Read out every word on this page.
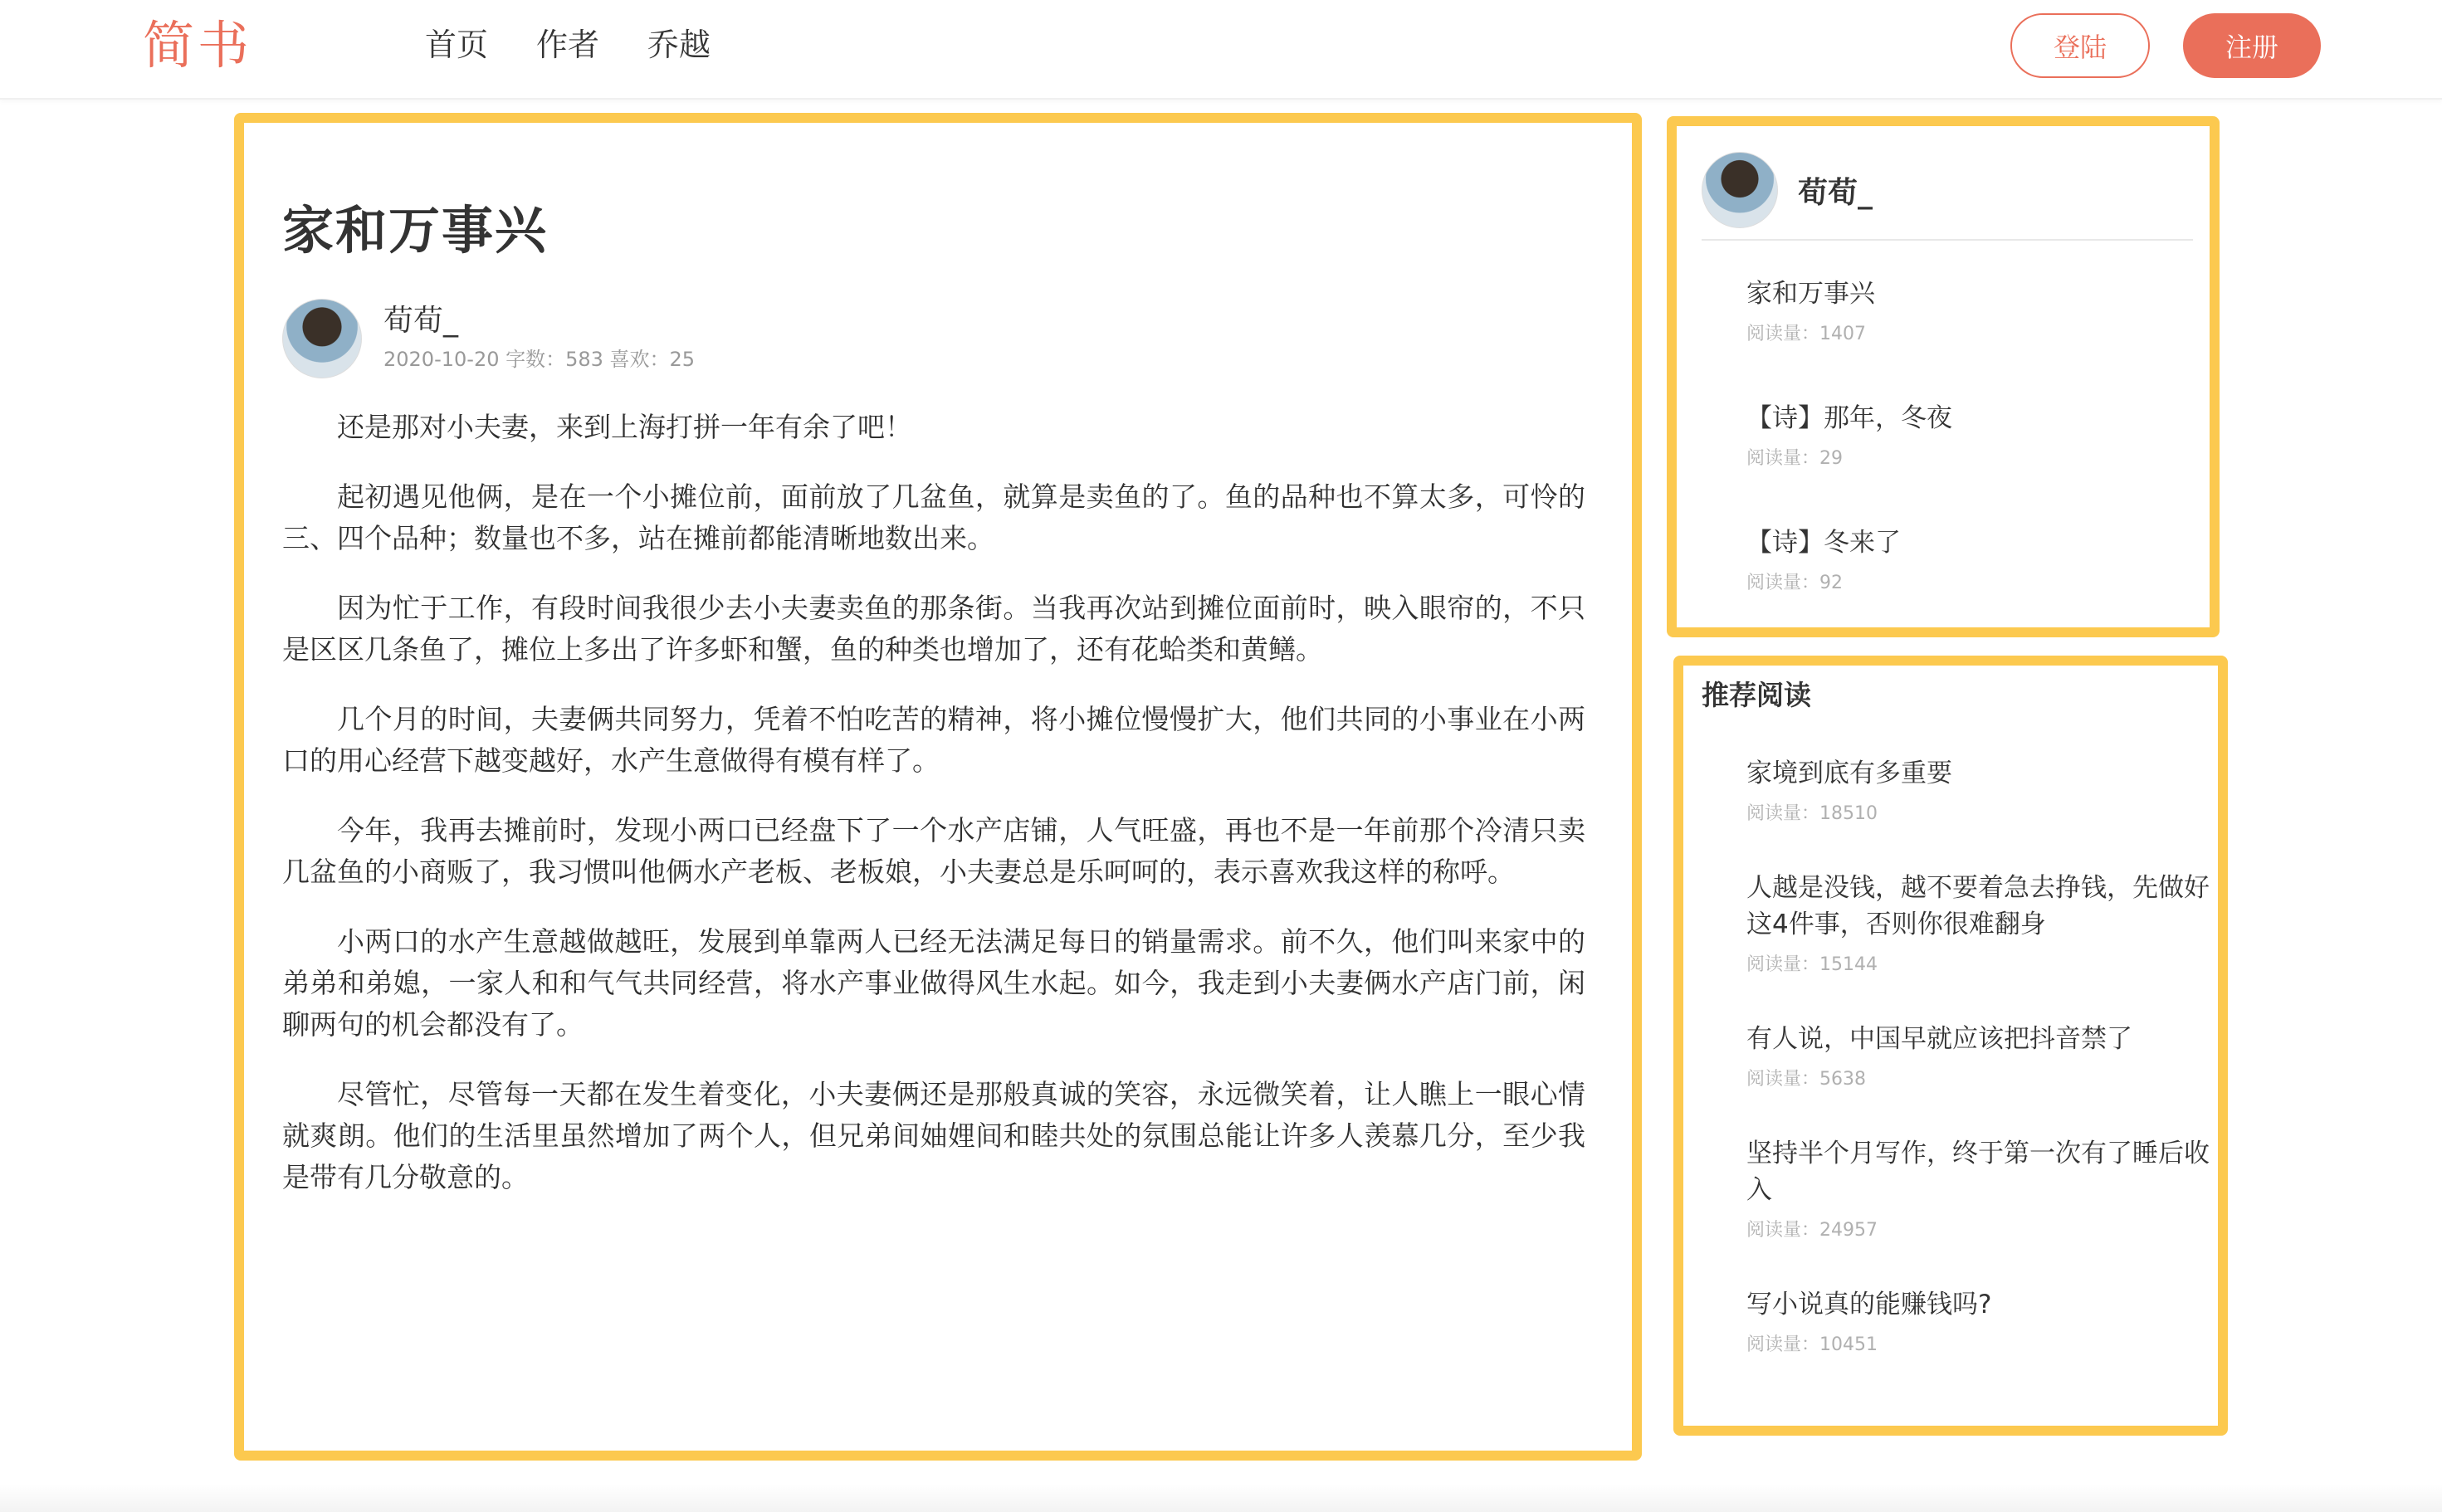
简书	首页 作者 乔越	登陆	注册
家和万事兴
荀荀_
2020-10-20 字数：583 喜欢：25

还是那对小夫妻，来到上海打拼一年有余了吧！

起初遇见他俩，是在一个小摊位前，面前放了几盆鱼，就算是卖鱼的了。鱼的品种也不算太多，可怜的三、四个品种；数量也不多，站在摊前都能清晰地数出来。

因为忙于工作，有段时间我很少去小夫妻卖鱼的那条街。当我再次站到摊位面前时，映入眼帘的，不只是区区几条鱼了，摊位上多出了许多虾和蟹，鱼的种类也增加了，还有花蛤类和黄鳝。

几个月的时间，夫妻俩共同努力，凭着不怕吃苦的精神，将小摊位慢慢扩大，他们共同的小事业在小两口的用心经营下越变越好，水产生意做得有模有样了。

今年，我再去摊前时，发现小两口已经盘下了一个水产店铺，人气旺盛，再也不是一年前那个冷清只卖几盆鱼的小商贩了，我习惯叫他俩水产老板、老板娘，小夫妻总是乐呵呵的，表示喜欢我这样的称呼。

小两口的水产生意越做越旺，发展到单靠两人已经无法满足每日的销量需求。前不久，他们叫来家中的弟弟和弟媳，一家人和和气气共同经营，将水产事业做得风生水起。如今，我走到小夫妻俩水产店门前，闲聊两句的机会都没有了。

尽管忙，尽管每一天都在发生着变化，小夫妻俩还是那般真诚的笑容，永远微笑着，让人瞧上一眼心情就爽朗。他们的生活里虽然增加了两个人，但兄弟间妯娌间和睦共处的氛围总能让许多人羡慕几分，至少我是带有几分敬意的。

荀荀_
家和万事兴
阅读量：1407
【诗】那年，冬夜
阅读量：29
【诗】冬来了
阅读量：92
推荐阅读
家境到底有多重要
阅读量：18510
人越是没钱，越不要着急去挣钱，先做好这4件事，否则你很难翻身
阅读量：15144
有人说，中国早就应该把抖音禁了
阅读量：5638
坚持半个月写作，终于第一次有了睡后收入
阅读量：24957
写小说真的能赚钱吗?
阅读量：10451
